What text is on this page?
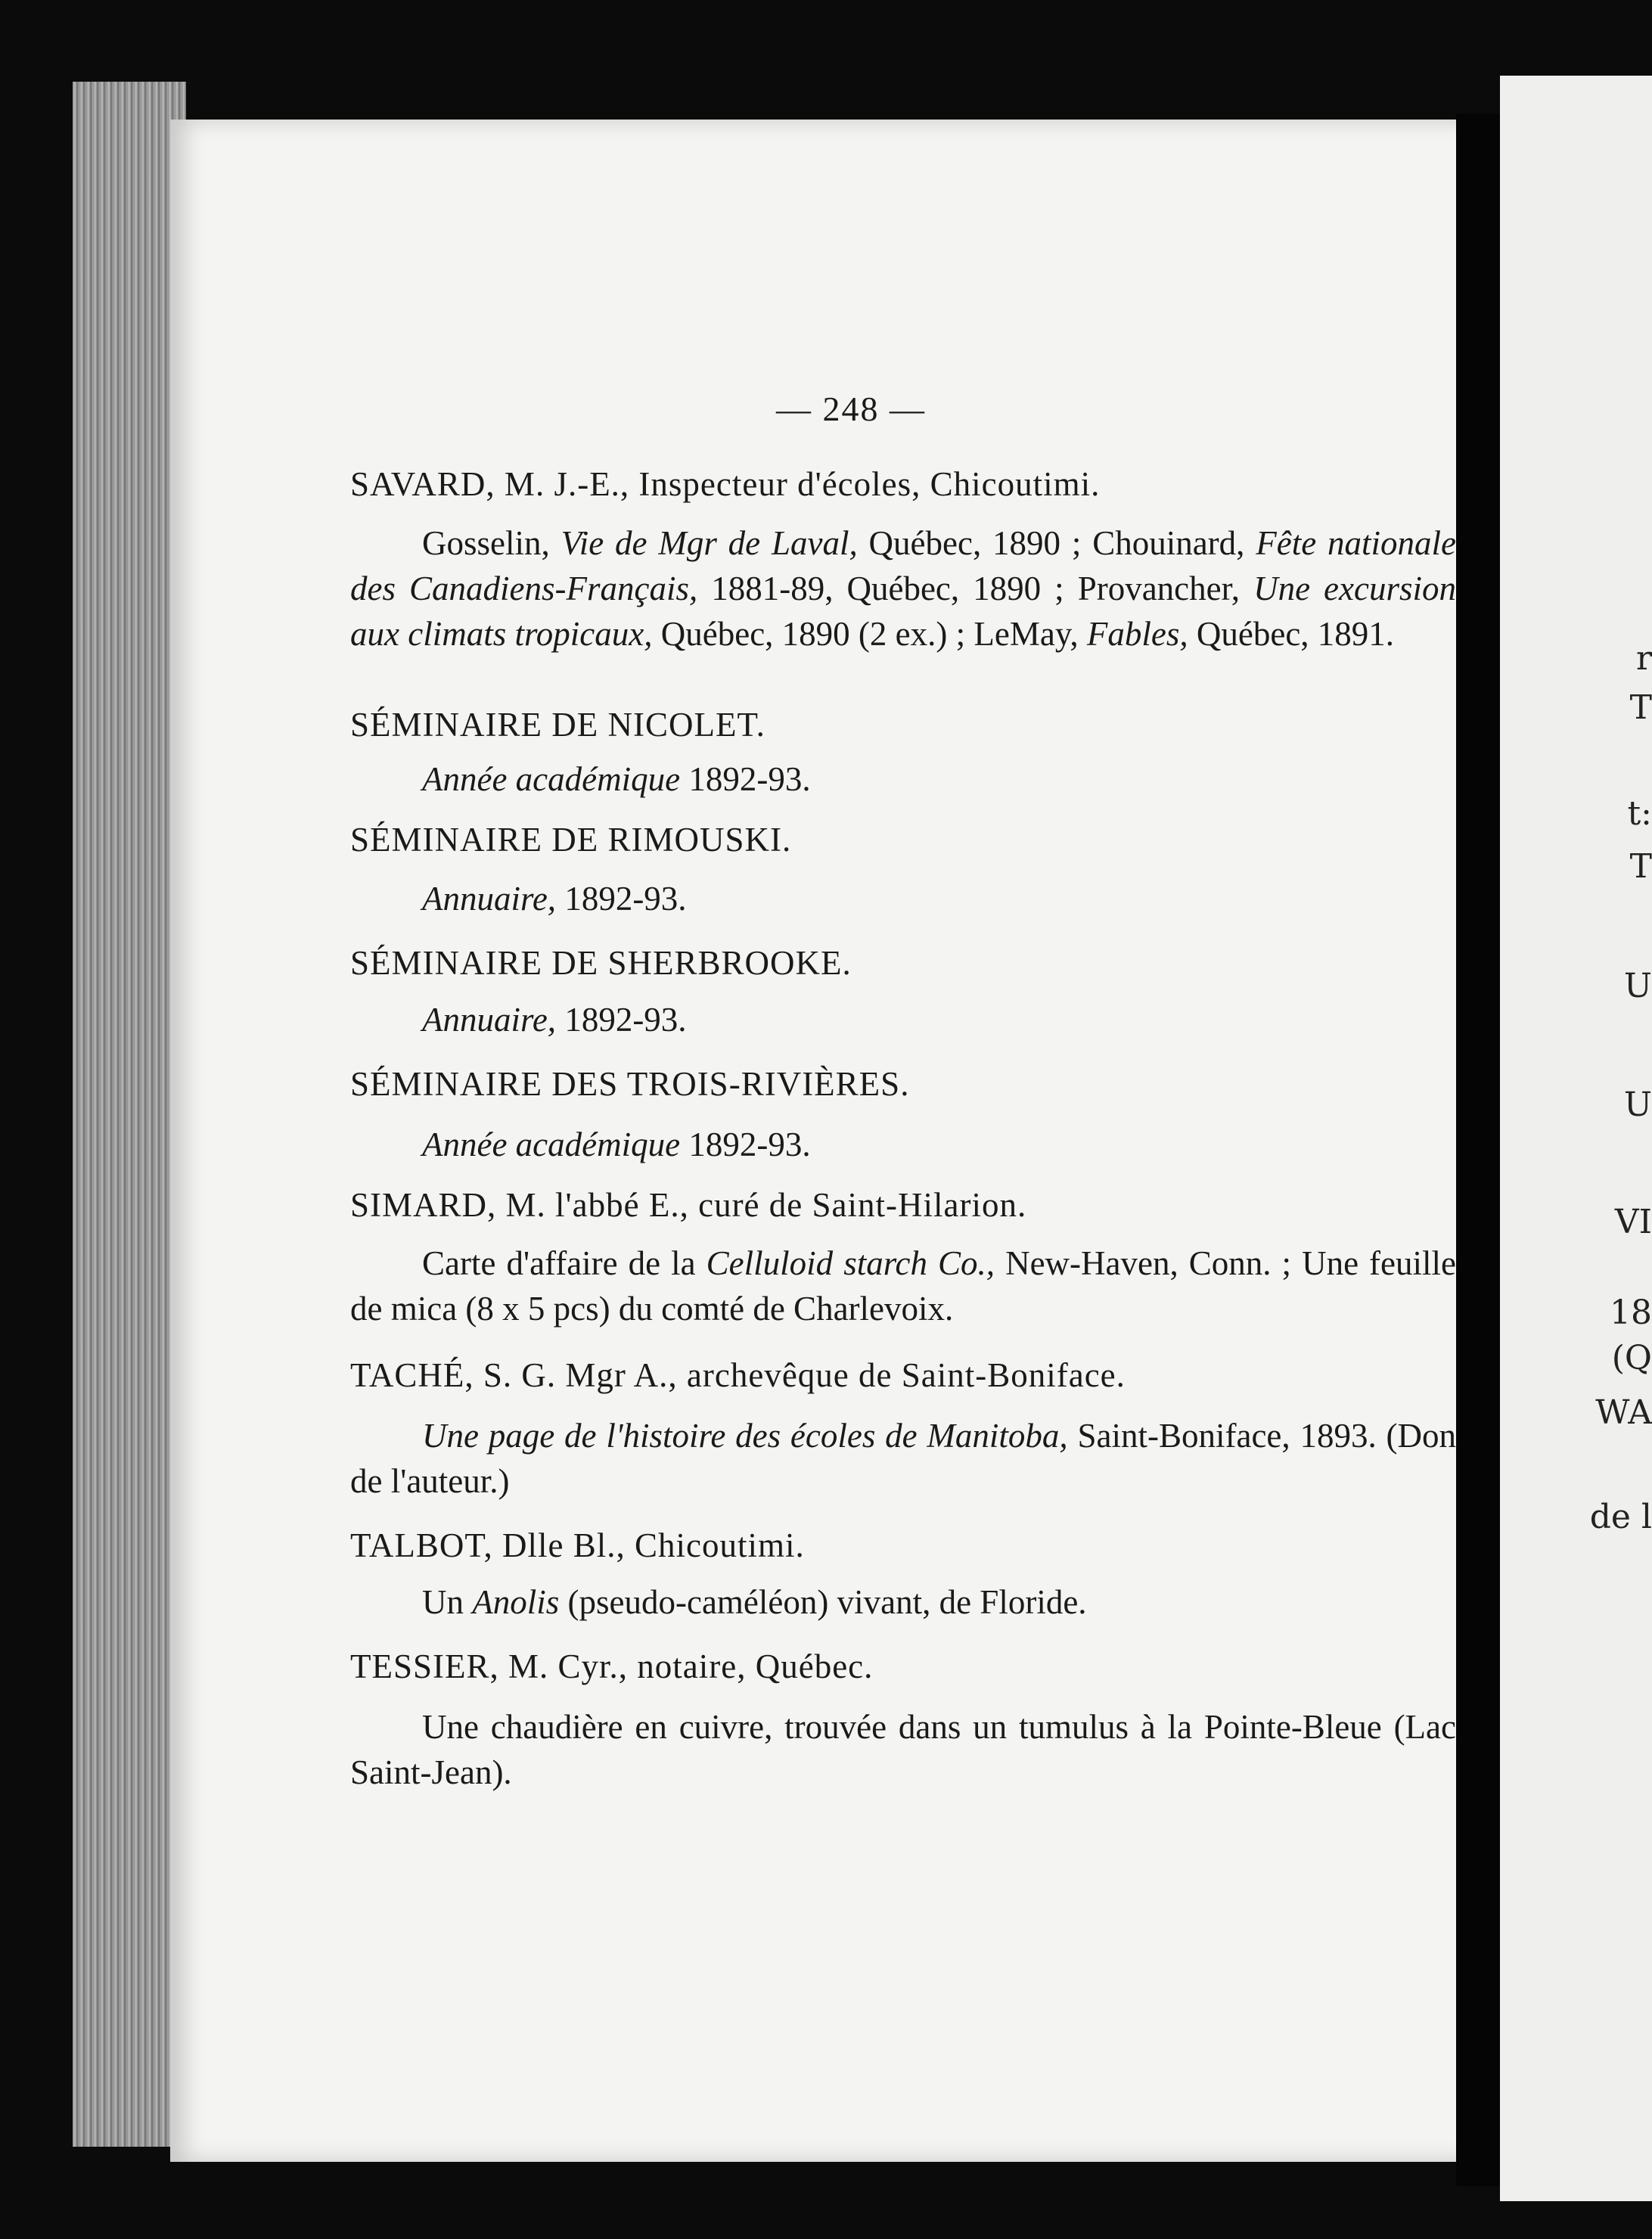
— 248 —
SAVARD, M. J.-E., Inspecteur d'écoles, Chicoutimi.
Gosselin, Vie de Mgr de Laval, Québec, 1890 ; Chouinard, Fête nationale des Canadiens-Français, 1881-89, Québec, 1890 ; Provancher, Une excursion aux climats tropicaux, Québec, 1890 (2 ex.) ; LeMay, Fables, Québec, 1891.
SÉMINAIRE DE NICOLET.
Année académique 1892-93.
SÉMINAIRE DE RIMOUSKI.
Annuaire, 1892-93.
SÉMINAIRE DE SHERBROOKE.
Annuaire, 1892-93.
SÉMINAIRE DES TROIS-RIVIÈRES.
Année académique 1892-93.
SIMARD, M. l'abbé E., curé de Saint-Hilarion.
Carte d'affaire de la Celluloid starch Co., New-Haven, Conn. ; Une feuille de mica (8 x 5 pcs) du comté de Charlevoix.
TACHÉ, S. G. Mgr A., archevêque de Saint-Boniface.
Une page de l'histoire des écoles de Manitoba, Saint-Boniface, 1893. (Don de l'auteur.)
TALBOT, Dlle Bl., Chicoutimi.
Un Anolis (pseudo-caméléon) vivant, de Floride.
TESSIER, M. Cyr., notaire, Québec.
Une chaudière en cuivre, trouvée dans un tumulus à la Pointe-Bleue (Lac Saint-Jean).
r
T
t:
T
U
U
VI
18
(Q
WA
de l
